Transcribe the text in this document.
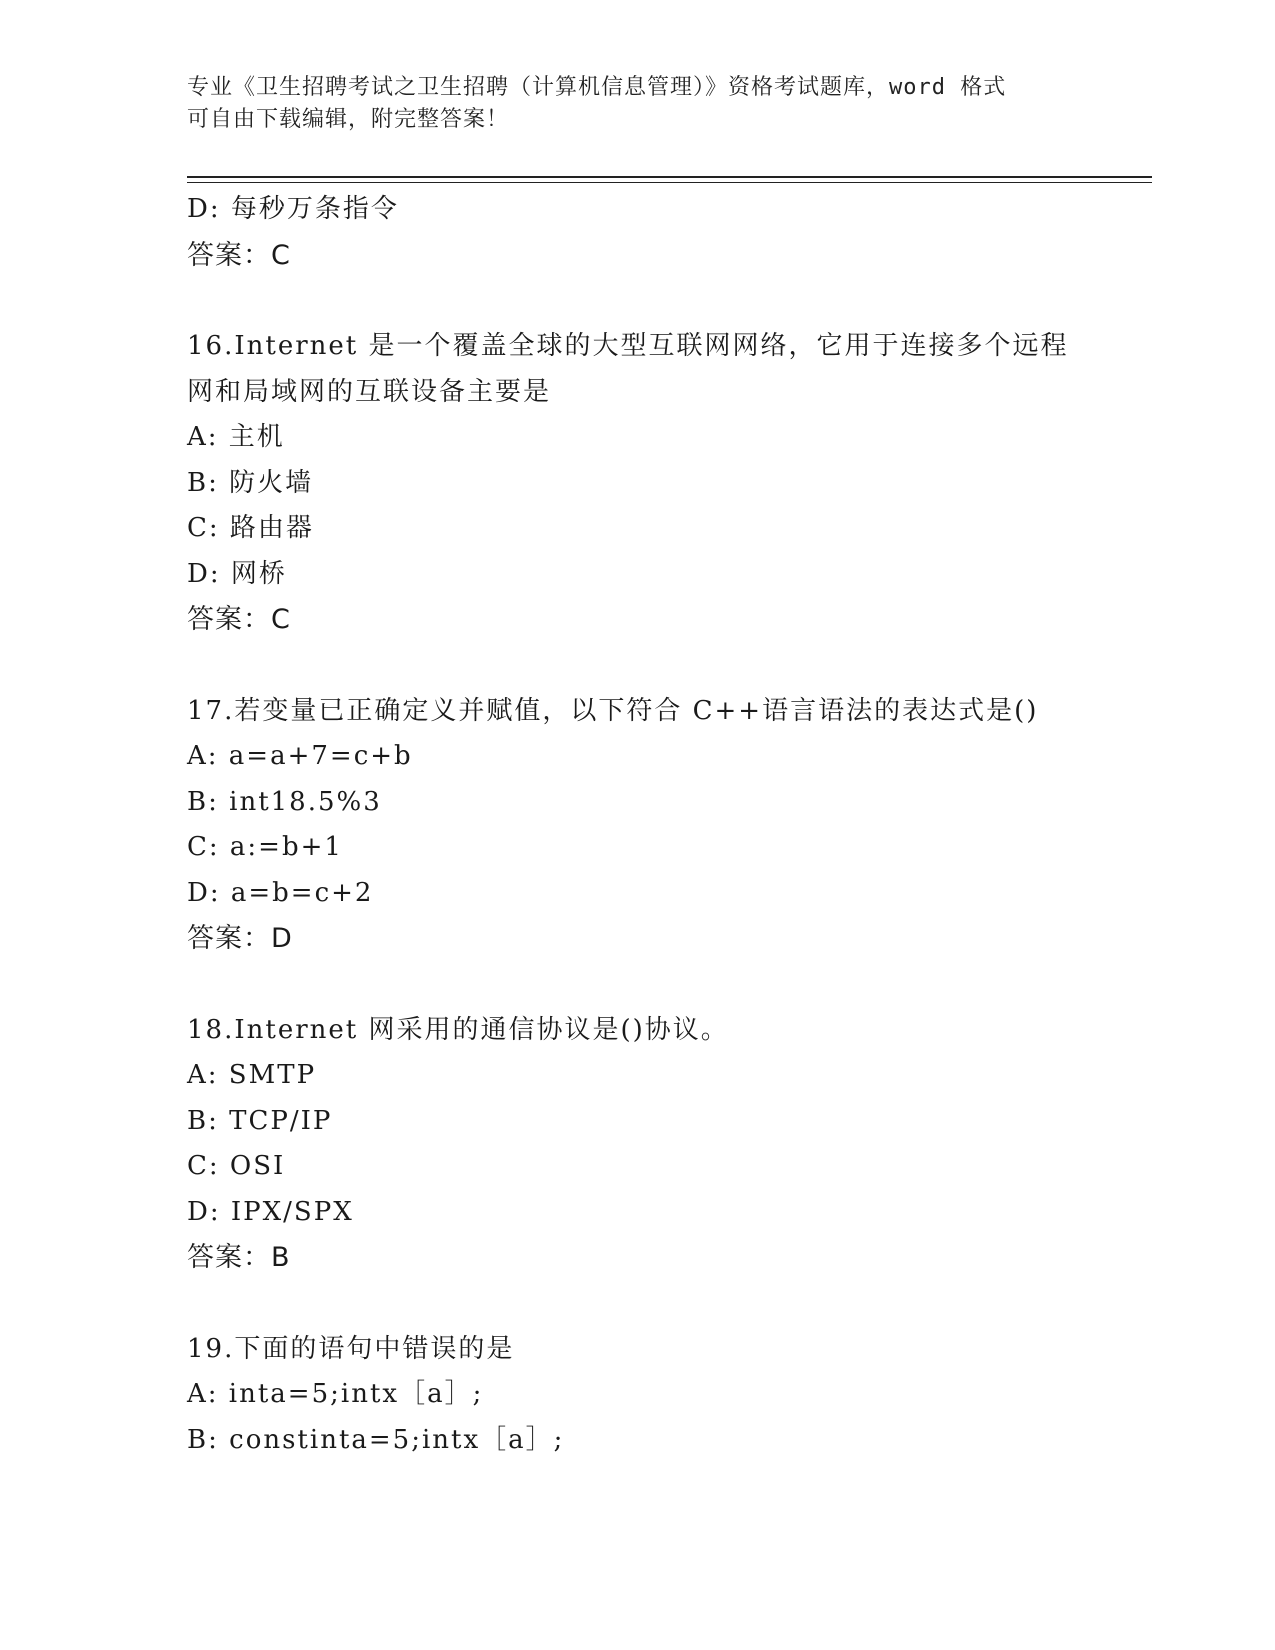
专业《卫生招聘考试之卫生招聘（计算机信息管理）》资格考试题库，word 格式
可自由下载编辑，附完整答案！
D: 每秒万条指令
答案：C
16.Internet 是一个覆盖全球的大型互联网网络，它用于连接多个远程
网和局域网的互联设备主要是
A: 主机
B: 防火墙
C: 路由器
D: 网桥
答案：C
17.若变量已正确定义并赋值，以下符合 C++语言语法的表达式是()
A: a=a+7=c+b
B: int18.5%3
C: a:=b+1
D: a=b=c+2
答案：D
18.Internet 网采用的通信协议是()协议。
A: SMTP
B: TCP/IP
C: OSI
D: IPX/SPX
答案：B
19.下面的语句中错误的是
A: inta=5;intx［a］;
B: constinta=5;intx［a］;
